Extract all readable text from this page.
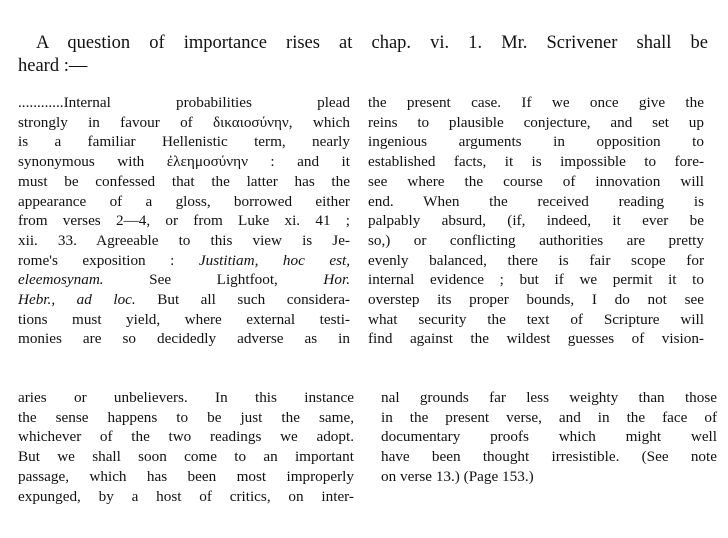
A question of importance rises at chap. vi. 1. Mr. Scrivener shall be
heard :—
............Internal probabilities plead
strongly in favour of δικαιοσύνην, which
is a familiar Hellenistic term, nearly
synonymous with ἐλεημοσύνην : and it
must be confessed that the latter has the
appearance of a gloss, borrowed either
from verses 2—4, or from Luke xi. 41 ;
xii. 33. Agreeable to this view is Je-
rome's exposition : Justitiam, hoc est,
eleemosynam. See Lightfoot, Hor.
Hebr., ad loc. But all such considera-
tions must yield, where external testi-
monies are so decidedly adverse as in
the present case. If we once give the
reins to plausible conjecture, and set up
ingenious arguments in opposition to
established facts, it is impossible to fore-
see where the course of innovation will
end. When the received reading is
palpably absurd, (if, indeed, it ever be
so,) or conflicting authorities are pretty
evenly balanced, there is fair scope for
internal evidence ; but if we permit it to
overstep its proper bounds, I do not see
what security the text of Scripture will
find against the wildest guesses of vision-
aries or unbelievers. In this instance
the sense happens to be just the same,
whichever of the two readings we adopt.
But we shall soon come to an important
passage, which has been most improperly
expunged, by a host of critics, on inter-
nal grounds far less weighty than those
in the present verse, and in the face of
documentary proofs which might well
have been thought irresistible. (See note
on verse 13.) (Page 153.)
